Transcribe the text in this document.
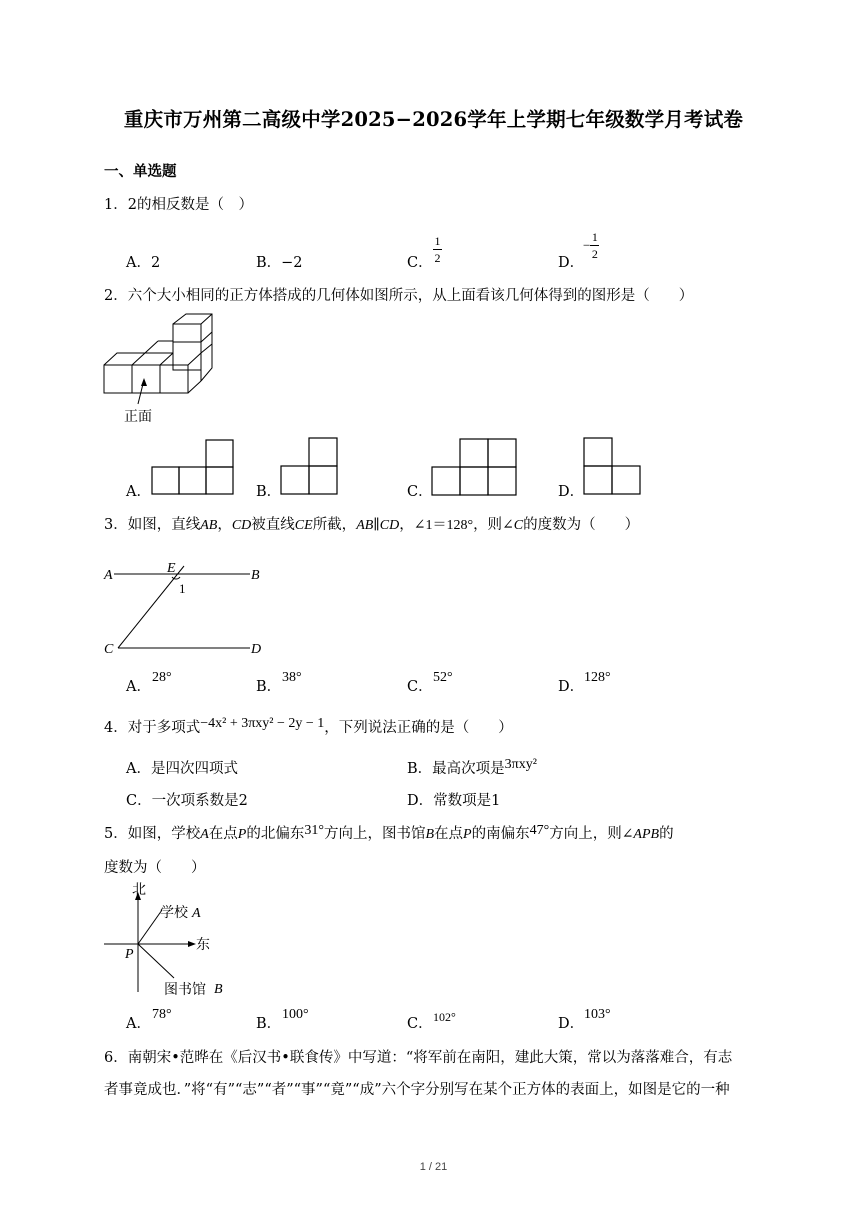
重庆市万州第二高级中学2025−2026学年上学期七年级数学月考试卷
一、单选题
1．2的相反数是（　）
A．2	B．−2	C． $\frac{1}{2}$	D．
− $\frac{1}{2}$
2．六个大小相同的正方体搭成的几何体如图所示，从上面看该几何体得到的图形是（　　）
正面
A．	B．	C．	D．
3．如图，直线AB，CD被直线CE所截，AB∥CD，∠1＝128°，则∠C的度数为（　　）
A	B
C	D
E
1
A．
28°
B．
38°
C．
52°
D．
128°
4．对于多项式−4x² + 3πxy² − 2y − 1，下列说法正确的是（　　）
A．是四次四项式	B．最高次项是3πxy²
C．一次项系数是2	D．常数项是1
5．如图，学校A在点P的北偏东31°方向上，图书馆B在点P的南偏东47°方向上，则∠APB的
度数为（　　）
北
东
P
学校 A
图书馆 B
A．
78°
B．
100°
C． 102°	D．
103°
6．南朝宋•范晔在《后汉书•联食传》中写道：“将军前在南阳，建此大策，常以为落落难合，有志
者事竟成也．”将“有”“志”“者”“事”“竟”“成”六个字分别写在某个正方体的表面上，如图是它的一种
1 / 21
